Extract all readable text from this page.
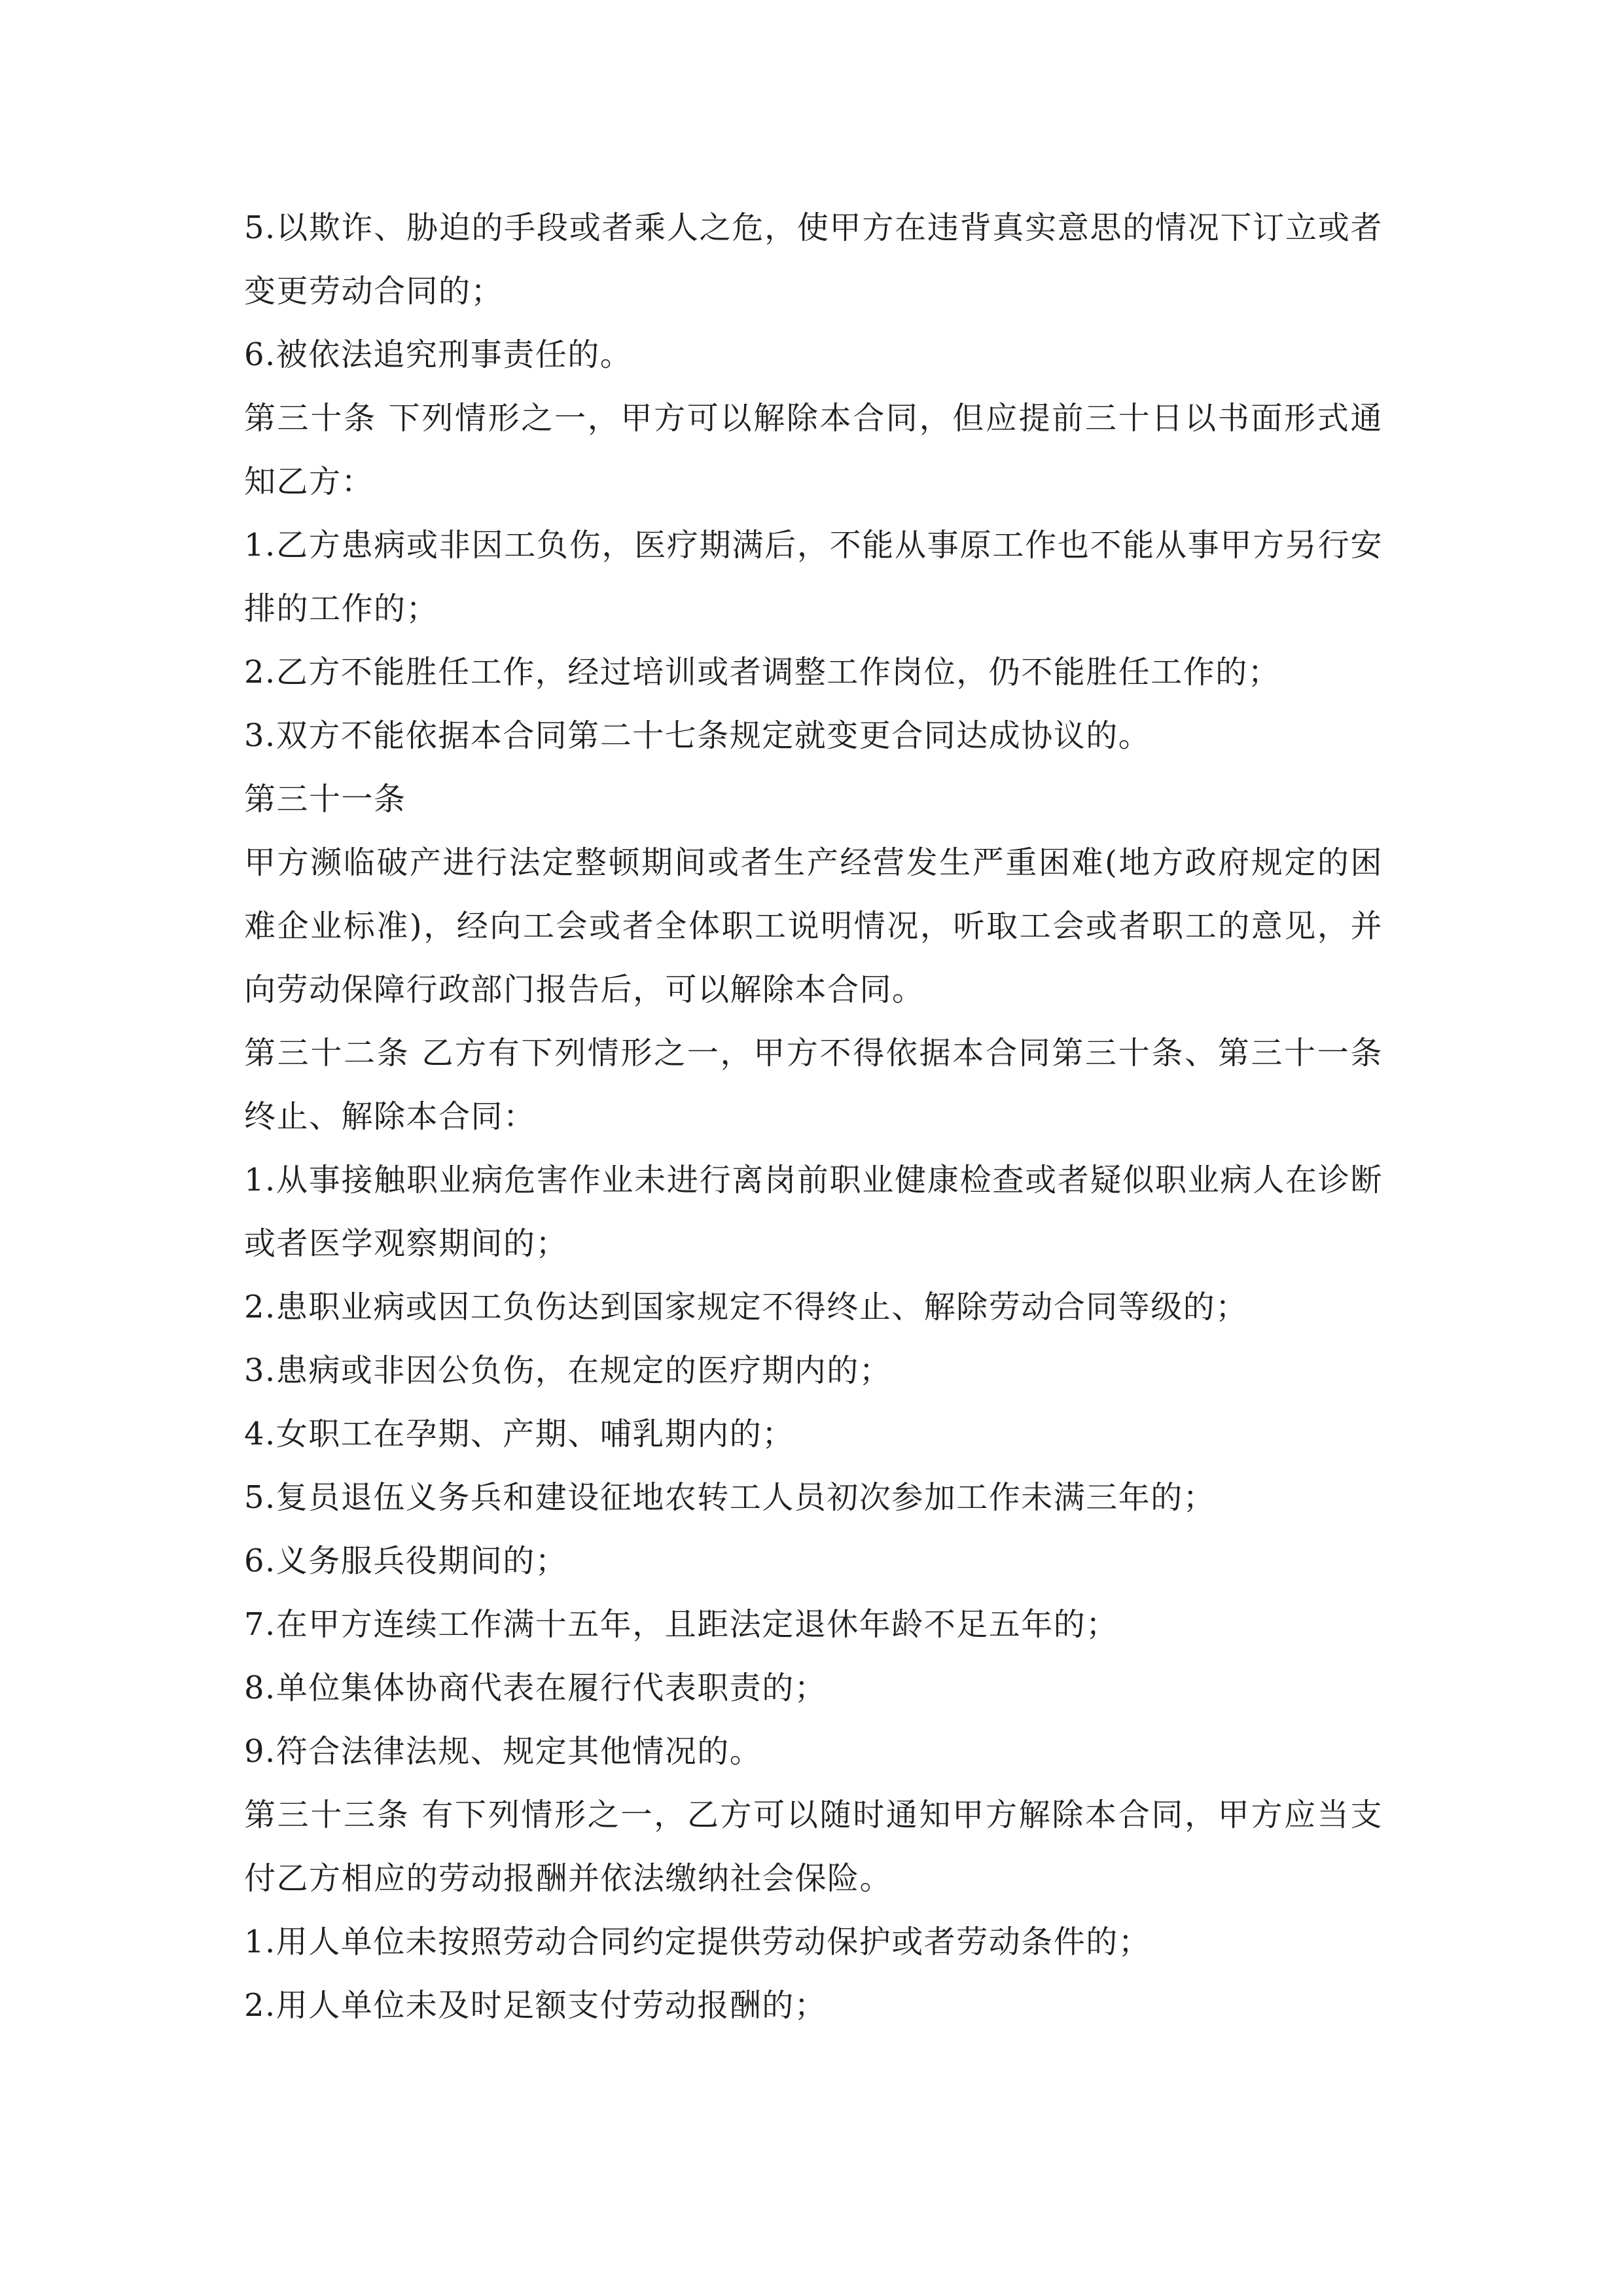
5.以欺诈、胁迫的手段或者乘人之危，使甲方在违背真实意思的情况下订立或者变更劳动合同的；

6.被依法追究刑事责任的。

第三十条 下列情形之一，甲方可以解除本合同，但应提前三十日以书面形式通知乙方：

1.乙方患病或非因工负伤，医疗期满后，不能从事原工作也不能从事甲方另行安排的工作的；

2.乙方不能胜任工作，经过培训或者调整工作岗位，仍不能胜任工作的；

3.双方不能依据本合同第二十七条规定就变更合同达成协议的。

第三十一条

甲方濒临破产进行法定整顿期间或者生产经营发生严重困难(地方政府规定的困难企业标准)，经向工会或者全体职工说明情况，听取工会或者职工的意见，并向劳动保障行政部门报告后，可以解除本合同。

第三十二条 乙方有下列情形之一，甲方不得依据本合同第三十条、第三十一条终止、解除本合同：

1.从事接触职业病危害作业未进行离岗前职业健康检查或者疑似职业病人在诊断或者医学观察期间的；

2.患职业病或因工负伤达到国家规定不得终止、解除劳动合同等级的；

3.患病或非因公负伤，在规定的医疗期内的；

4.女职工在孕期、产期、哺乳期内的；

5.复员退伍义务兵和建设征地农转工人员初次参加工作未满三年的；

6.义务服兵役期间的；

7.在甲方连续工作满十五年，且距法定退休年龄不足五年的；

8.单位集体协商代表在履行代表职责的；

9.符合法律法规、规定其他情况的。

第三十三条 有下列情形之一，乙方可以随时通知甲方解除本合同，甲方应当支付乙方相应的劳动报酬并依法缴纳社会保险。

1.用人单位未按照劳动合同约定提供劳动保护或者劳动条件的；

2.用人单位未及时足额支付劳动报酬的；
